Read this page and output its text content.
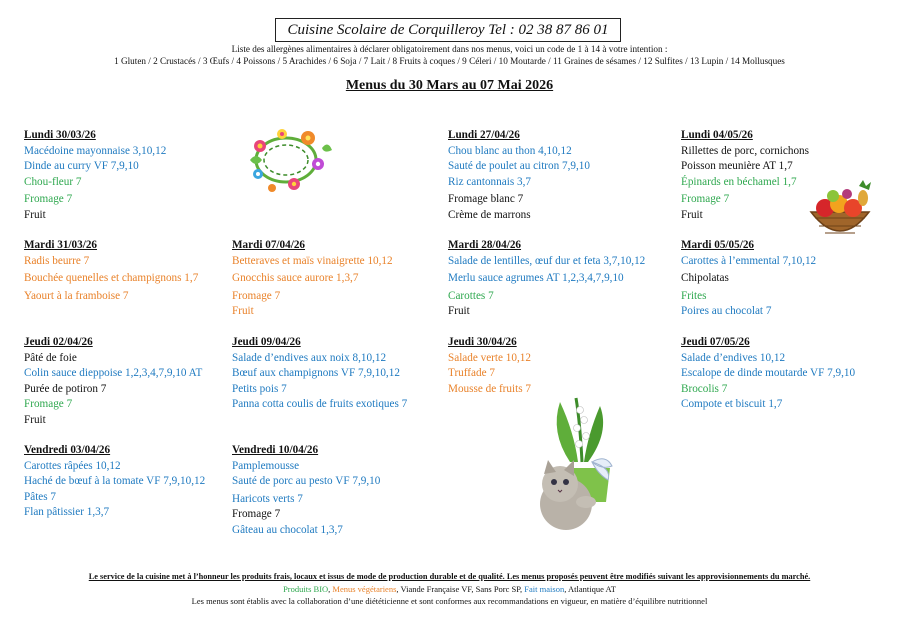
Cuisine Scolaire de Corquilleroy Tel : 02 38 87 86 01
Liste des allergènes alimentaires à déclarer obligatoirement dans nos menus, voici un code de 1 à 14 à votre intention :
1 Gluten / 2 Crustacés / 3 Œufs / 4 Poissons / 5 Arachides / 6 Soja / 7 Lait / 8 Fruits à coques / 9 Céleri / 10 Moutarde / 11 Graines de sésames / 12 Sulfites / 13 Lupin / 14 Mollusques
Menus du 30 Mars au 07 Mai 2026
Lundi 30/03/26
Macédoine mayonnaise 3,10,12
Dinde au curry VF 7,9,10
Chou-fleur 7
Fromage 7
Fruit
Mardi 31/03/26
Radis beurre 7
Bouchée quenelles et champignons 1,7
Yaourt à la framboise 7
Jeudi 02/04/26
Pâté de foie
Colin sauce dieppoise 1,2,3,4,7,9,10 AT
Purée de potiron 7
Fromage 7
Fruit
Vendredi 03/04/26
Carottes râpées 10,12
Haché de bœuf à la tomate VF 7,9,10,12
Pâtes 7
Flan pâtissier 1,3,7
Mardi 07/04/26
Betteraves et maïs vinaigrette 10,12
Gnocchis sauce aurore 1,3,7
Fromage 7
Fruit
Jeudi 09/04/26
Salade d’endives aux noix 8,10,12
Bœuf aux champignons VF 7,9,10,12
Petits pois 7
Panna cotta coulis de fruits exotiques 7
Vendredi 10/04/26
Pamplemousse
Sauté de porc au pesto VF 7,9,10
Haricots verts 7
Fromage 7
Gâteau au chocolat 1,3,7
Lundi 27/04/26
Chou blanc au thon 4,10,12
Sauté de poulet au citron 7,9,10
Riz cantonnais 3,7
Fromage blanc 7
Crème de marrons
Mardi 28/04/26
Salade de lentilles, œuf dur et feta 3,7,10,12
Merlu sauce agrumes AT 1,2,3,4,7,9,10
Carottes 7
Fruit
Jeudi 30/04/26
Salade verte 10,12
Truffade 7
Mousse de fruits 7
Lundi 04/05/26
Rillettes de porc, cornichons
Poisson meunière AT 1,7
Épinards en béchamel 1,7
Fromage 7
Fruit
Mardi 05/05/26
Carottes à l’emmental 7,10,12
Chipolatas
Frites
Poires au chocolat 7
Jeudi 07/05/26
Salade d’endives 10,12
Escalope de dinde moutarde VF 7,9,10
Brocolis 7
Compote et biscuit 1,7
Le service de la cuisine met à l’honneur les produits frais, locaux et issus de mode de production durable et de qualité. Les menus proposés peuvent être modifiés suivant les approvisionnements du marché.
Produits BIO, Menus végétariens, Viande Française VF, Sans Porc SP, Fait maison, Atlantique AT
Les menus sont établis avec la collaboration d’une diététicienne et sont conformes aux recommandations en vigueur, en matière d’équilibre nutritionnel
